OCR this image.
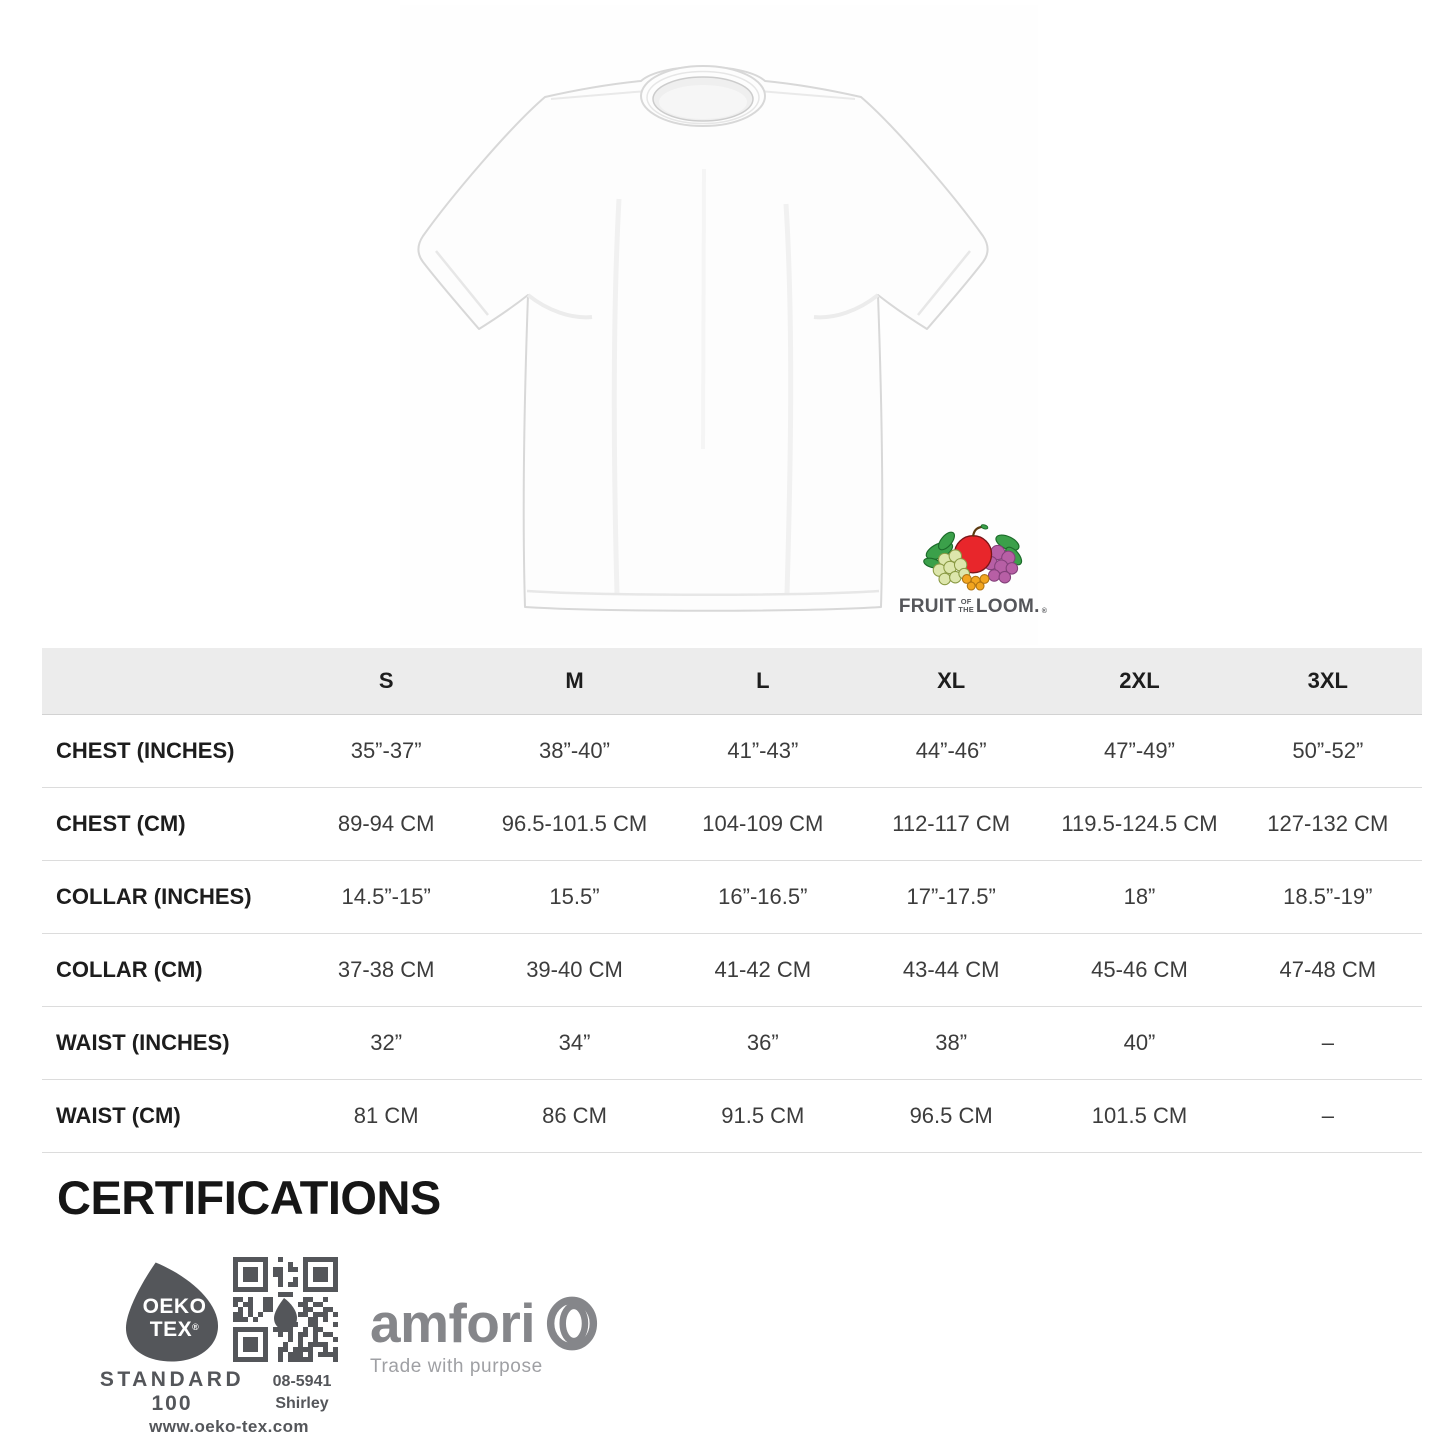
FRUIT OF
THE LOOM. ®
	S	M	L	XL	2XL	3XL
CHEST (INCHES)	35”-37”	38”-40”	41”-43”	44”-46”	47”-49”	50”-52”
CHEST (CM)	89-94 CM	96.5-101.5 CM	104-109 CM	112-117 CM	119.5-124.5 CM	127-132 CM
COLLAR (INCHES)	14.5”-15”	15.5”	16”-16.5”	17”-17.5”	18”	18.5”-19”
COLLAR (CM)	37-38 CM	39-40 CM	41-42 CM	43-44 CM	45-46 CM	47-48 CM
WAIST (INCHES)	32”	34”	36”	38”	40”	–
WAIST (CM)	81 CM	86 CM	91.5 CM	96.5 CM	101.5 CM	–
CERTIFICATIONS
OEKO
TEX®
STANDARD
100
08-5941
Shirley
www.oeko-tex.com
amfori
Trade with purpose
